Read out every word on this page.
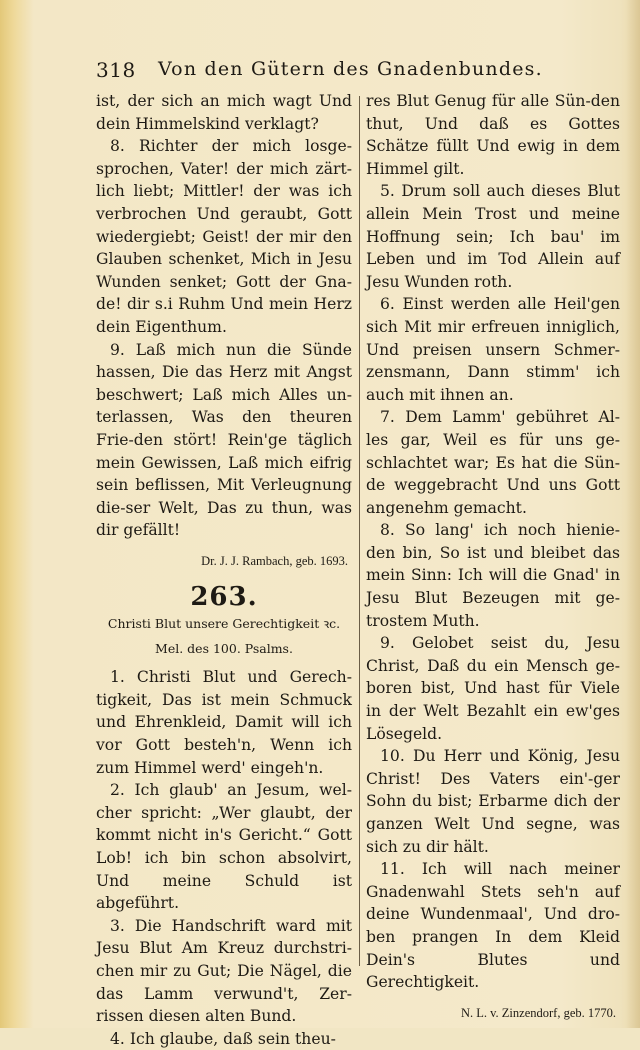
318 Von den Gütern des Gnadenbundes.

ist, der sich an mich wagt Und dein Himmelskind verklagt?

8. Richter der mich losge-sprochen, Vater! der mich zärt-lich liebt; Mittler! der was ich verbrochen Und geraubt, Gott wiedergiebt; Geist! der mir den Glauben schenket, Mich in Jesu Wunden senket; Gott der Gna-de! dir s.i Ruhm Und mein Herz dein Eigenthum.

9. Laß mich nun die Sünde hassen, Die das Herz mit Angst beschwert; Laß mich Alles un-terlassen, Was den theuren Frie-den stört! Rein'ge täglich mein Gewissen, Laß mich eifrig sein beflissen, Mit Verleugnung die-ser Welt, Das zu thun, was dir gefällt!

Dr. J. J. Rambach, geb. 1693.

263.
Christi Blut unsere Gerechtigkeit ꝛc.
Mel. des 100. Psalms.

1. Christi Blut und Gerech-tigkeit, Das ist mein Schmuck und Ehrenkleid, Damit will ich vor Gott besteh'n, Wenn ich zum Himmel werd' eingeh'n.

2. Ich glaub' an Jesum, wel-cher spricht: „Wer glaubt, der kommt nicht in's Gericht.“ Gott Lob! ich bin schon absolvirt, Und meine Schuld ist abgeführt.

3. Die Handschrift ward mit Jesu Blut Am Kreuz durchstri-chen mir zu Gut; Die Nägel, die das Lamm verwund't, Zer-rissen diesen alten Bund.

4. Ich glaube, daß sein theu-

res Blut Genug für alle Sün-den thut, Und daß es Gottes Schätze füllt Und ewig in dem Himmel gilt.

5. Drum soll auch dieses Blut allein Mein Trost und meine Hoffnung sein; Ich bau' im Leben und im Tod Allein auf Jesu Wunden roth.

6. Einst werden alle Heil'gen sich Mit mir erfreuen inniglich, Und preisen unsern Schmer-zensmann, Dann stimm' ich auch mit ihnen an.

7. Dem Lamm' gebühret Al-les gar, Weil es für uns ge-schlachtet war; Es hat die Sün-de weggebracht Und uns Gott angenehm gemacht.

8. So lang' ich noch hienie-den bin, So ist und bleibet das mein Sinn: Ich will die Gnad' in Jesu Blut Bezeugen mit ge-trostem Muth.

9. Gelobet seist du, Jesu Christ, Daß du ein Mensch ge-boren bist, Und hast für Viele in der Welt Bezahlt ein ew'ges Lösegeld.

10. Du Herr und König, Jesu Christ! Des Vaters ein'-ger Sohn du bist; Erbarme dich der ganzen Welt Und segne, was sich zu dir hält.

11. Ich will nach meiner Gnadenwahl Stets seh'n auf deine Wundenmaal', Und dro-ben prangen In dem Kleid Dein's Blutes und Gerechtigkeit.

N. L. v. Zinzendorf, geb. 1770.
